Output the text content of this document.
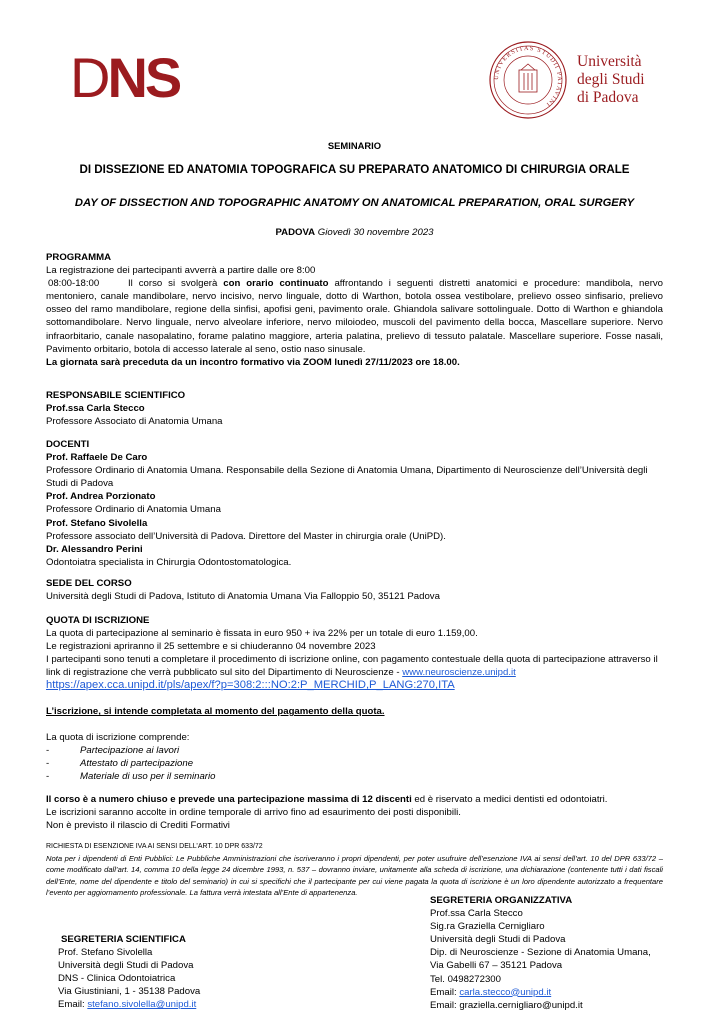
DNS	UNIVERSITAS STUDII PATAVINI
Università
degli Studi
di Padova
SEMINARIO
DI DISSEZIONE ED ANATOMIA TOPOGRAFICA SU PREPARATO ANATOMICO DI CHIRURGIA ORALE
DAY OF DISSECTION AND TOPOGRAPHIC ANATOMY ON ANATOMICAL PREPARATION, ORAL SURGERY
PADOVA Giovedì 30 novembre 2023
PROGRAMMA
La registrazione dei partecipanti avverrà a partire dalle ore 8:00
08:00-18:00	Il corso si svolgerà con orario continuato affrontando i seguenti distretti anatomici e procedure: mandibola, nervo mentoniero, canale mandibolare, nervo incisivo, nervo linguale, dotto di Warthon, botola ossea vestibolare, prelievo osseo sinfisario, prelievo osseo del ramo mandibolare, regione della sinfisi, apofisi geni, pavimento orale. Ghiandola salivare sottolinguale. Dotto di Warthon e ghiandola sottomandibolare. Nervo linguale, nervo alveolare inferiore, nervo miloiodeo, muscoli del pavimento della bocca, Mascellare superiore. Nervo infraorbitario, canale nasopalatino, forame palatino maggiore, arteria palatina, prelievo di tessuto palatale. Mascellare superiore. Fosse nasali, Pavimento orbitario, botola di accesso laterale al seno, ostio naso sinusale.
La giornata sarà preceduta da un incontro formativo via ZOOM lunedì 27/11/2023 ore 18.00.
RESPONSABILE SCIENTIFICO
Prof.ssa Carla Stecco
Professore Associato di Anatomia Umana
DOCENTI
Prof. Raffaele De Caro
Professore Ordinario di Anatomia Umana. Responsabile della Sezione di Anatomia Umana, Dipartimento di Neuroscienze dell’Università degli Studi di Padova
Prof. Andrea Porzionato
Professore Ordinario di Anatomia Umana
Prof. Stefano Sivolella
Professore associato dell’Università di Padova. Direttore del Master in chirurgia orale (UniPD).
Dr. Alessandro Perini
Odontoiatra specialista in Chirurgia Odontostomatologica.
SEDE DEL CORSO
Università degli Studi di Padova, Istituto di Anatomia Umana Via Falloppio 50, 35121 Padova
QUOTA DI ISCRIZIONE
La quota di partecipazione al seminario è fissata in euro 950 + iva 22% per un totale di euro 1.159,00.
Le registrazioni apriranno il 25 settembre e si chiuderanno 04 novembre 2023
I partecipanti sono tenuti a completare il procedimento di iscrizione online, con pagamento contestuale della quota di partecipazione attraverso il link di registrazione che verrà pubblicato sul sito del Dipartimento di Neuroscienze - www.neuroscienze.unipd.it
https://apex.cca.unipd.it/pls/apex/f?p=308:2:::NO:2:P_MERCHID,P_LANG:270,ITA
L’iscrizione, si intende completata al momento del pagamento della quota.
La quota di iscrizione comprende:
-	Partecipazione ai lavori
-	Attestato di partecipazione
-	Materiale di uso per il seminario
Il corso è a numero chiuso e prevede una partecipazione massima di 12 discenti ed è riservato a medici dentisti ed odontoiatri.
Le iscrizioni saranno accolte in ordine temporale di arrivo fino ad esaurimento dei posti disponibili.
Non è previsto il rilascio di Crediti Formativi
RICHIESTA DI ESENZIONE IVA AI SENSI DELL’ART. 10 DPR 633/72
Nota per i dipendenti di Enti Pubblici: Le Pubbliche Amministrazioni che iscriveranno i propri dipendenti, per poter usufruire dell’esenzione IVA ai sensi dell’art. 10 del DPR 633/72 – come modificato dall’art. 14, comma 10 della legge 24 dicembre 1993, n. 537 – dovranno inviare, unitamente alla scheda di iscrizione, una dichiarazione (contenente tutti i dati fiscali dell’Ente, nome del dipendente e titolo del seminario) in cui si specifichi che il partecipante per cui viene pagata la quota di iscrizione è un loro dipendente autorizzato a frequentare l’evento per aggiornamento professionale. La fattura verrà intestata all’Ente di appartenenza.
SEGRETERIA ORGANIZZATIVA
Prof.ssa Carla Stecco
Sig.ra Graziella Cernigliaro
Università degli Studi di Padova
Dip. di Neuroscienze - Sezione di Anatomia Umana,
Via Gabelli 67 – 35121 Padova
Tel. 0498272300
Email: carla.stecco@unipd.it
Email: graziella.cernigliaro@unipd.it
SEGRETERIA SCIENTIFICA
Prof. Stefano Sivolella
Università degli Studi di Padova
DNS - Clinica Odontoiatrica
Via Giustiniani, 1 - 35138 Padova
Email: stefano.sivolella@unipd.it
